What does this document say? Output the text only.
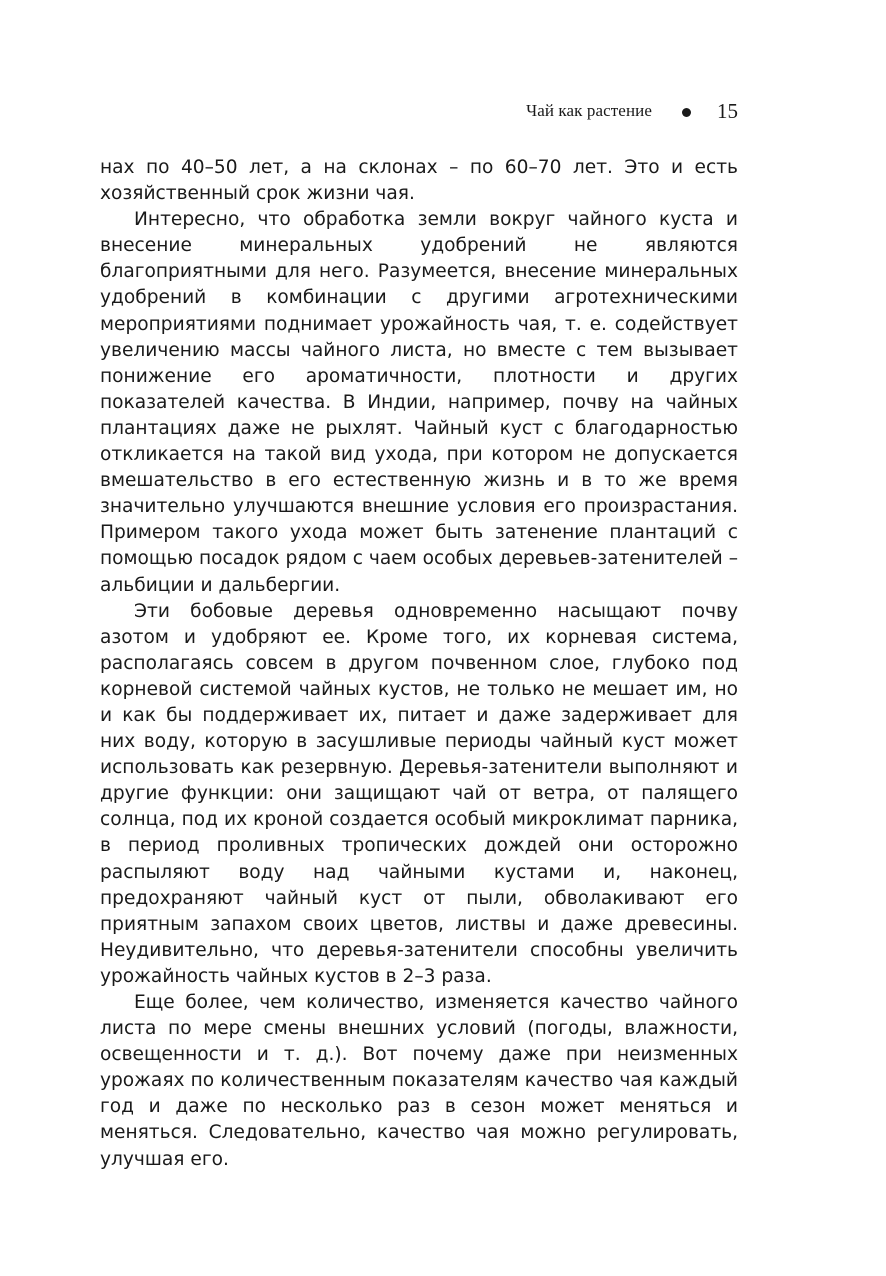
Чай как растение	15

нах по 40–50 лет, а на склонах – по 60–70 лет. Это и есть хозяйственный срок жизни чая.

Интересно, что обработка земли вокруг чайного куста и внесение минеральных удобрений не являются благоприятными для него. Разумеется, внесение минеральных удобрений в комбинации с другими агротехническими мероприятиями поднимает урожайность чая, т. е. содействует увеличению массы чайного листа, но вместе с тем вызывает понижение его ароматичности, плотности и других показателей качества. В Индии, например, почву на чайных плантациях даже не рыхлят. Чайный куст с благодарностью откликается на такой вид ухода, при котором не допускается вмешательство в его естественную жизнь и в то же время значительно улучшаются внешние условия его произрастания. Примером такого ухода может быть затенение плантаций с помощью посадок рядом с чаем особых деревьев-затенителей – альбиции и дальбергии.

Эти бобовые деревья одновременно насыщают почву азотом и удобряют ее. Кроме того, их корневая система, располагаясь совсем в другом почвенном слое, глубоко под корневой системой чайных кустов, не только не мешает им, но и как бы поддерживает их, питает и даже задерживает для них воду, которую в засушливые периоды чайный куст может использовать как резервную. Деревья-затенители выполняют и другие функции: они защищают чай от ветра, от палящего солнца, под их кроной создается особый микроклимат парника, в период проливных тропических дождей они осторожно распыляют воду над чайными кустами и, наконец, предохраняют чайный куст от пыли, обволакивают его приятным запахом своих цветов, листвы и даже древесины. Неудивительно, что деревья-затенители способны увеличить урожайность чайных кустов в 2–3 раза.

Еще более, чем количество, изменяется качество чайного листа по мере смены внешних условий (погоды, влажности, освещенности и т. д.). Вот почему даже при неизменных урожаях по количественным показателям качество чая каждый год и даже по несколько раз в сезон может меняться и меняться. Следовательно, качество чая можно регулировать, улучшая его.
